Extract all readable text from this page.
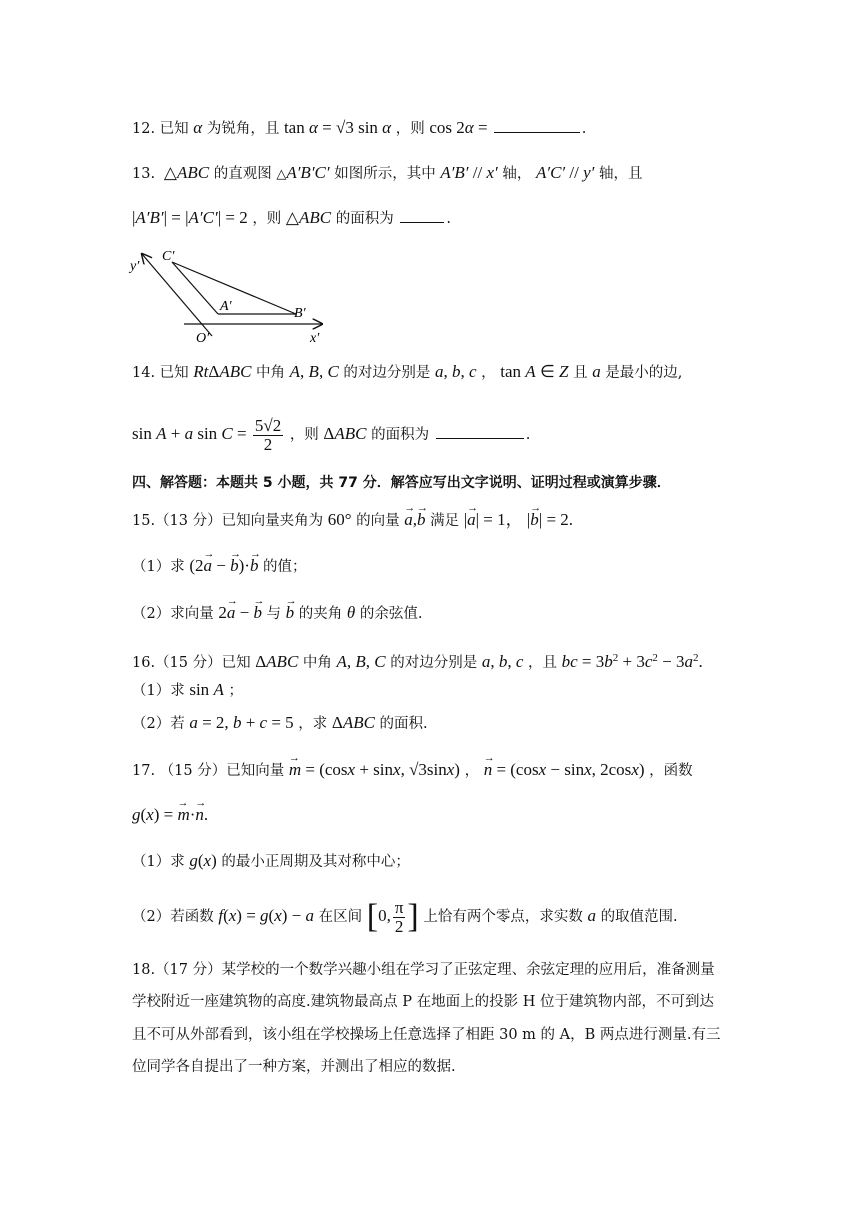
12. 已知 α 为锐角，且 tan α = √3 sin α ，则 cos 2α =	.
13.  △ABC 的直观图 △A′B′C′ 如图所示，其中 A′B′ // x′ 轴， A′C′ // y′ 轴，且
|A′B′| = |A′C′| = 2 ，则 △ABC 的面积为	.
y′
C′
A′	B′
O′	x′
14. 已知 RtΔABC 中角 A, B, C 的对边分别是 a, b, c ， tan A ∈ Z 且 a 是最小的边,
sin A + a $\sin C = \frac{5√2}{2}$ ，则 ΔABC 的面积为	.
四、解答题：本题共 5 小题，共 77 分．解答应写出文字说明、证明过程或演算步骤．
15.（13 分）已知向量夹角为 60° 的向量 → a,→ b 满足 |→ a| = 1， |→ b| = 2.
（1）求 (2→ a − → b)·→ b 的值；
（2）求向量 2→ a − → b 与 → b 的夹角 θ 的余弦值.
16.（15 分）已知 ΔABC 中角 A, B, C 的对边分别是 a, b, c ，且 bc = $3b^2 + 3c^2 - 3a^2$.
（1）求 sin A ；
（2）若 a = 2, b + c = 5 ，求 ΔABC 的面积.
17. （15 分）已知向量 → m = (cosx + sinx, √3sinx) ， → n = (cosx − sinx, 2cosx) ，函数
g(x) = → m·→ n.
（1）求 g(x) 的最小正周期及其对称中心；
（2）若函数 f(x) = g(x) − a 在区间 [0, $\frac{\pi}{2}$ ] 上恰有两个零点，求实数 a 的取值范围.
18.（17 分）某学校的一个数学兴趣小组在学习了正弦定理、余弦定理的应用后，准备测量
学校附近一座建筑物的高度.建筑物最高点 P 在地面上的投影 H 位于建筑物内部，不可到达
且不可从外部看到，该小组在学校操场上任意选择了相距 30 m 的 A，B 两点进行测量.有三
位同学各自提出了一种方案，并测出了相应的数据.
